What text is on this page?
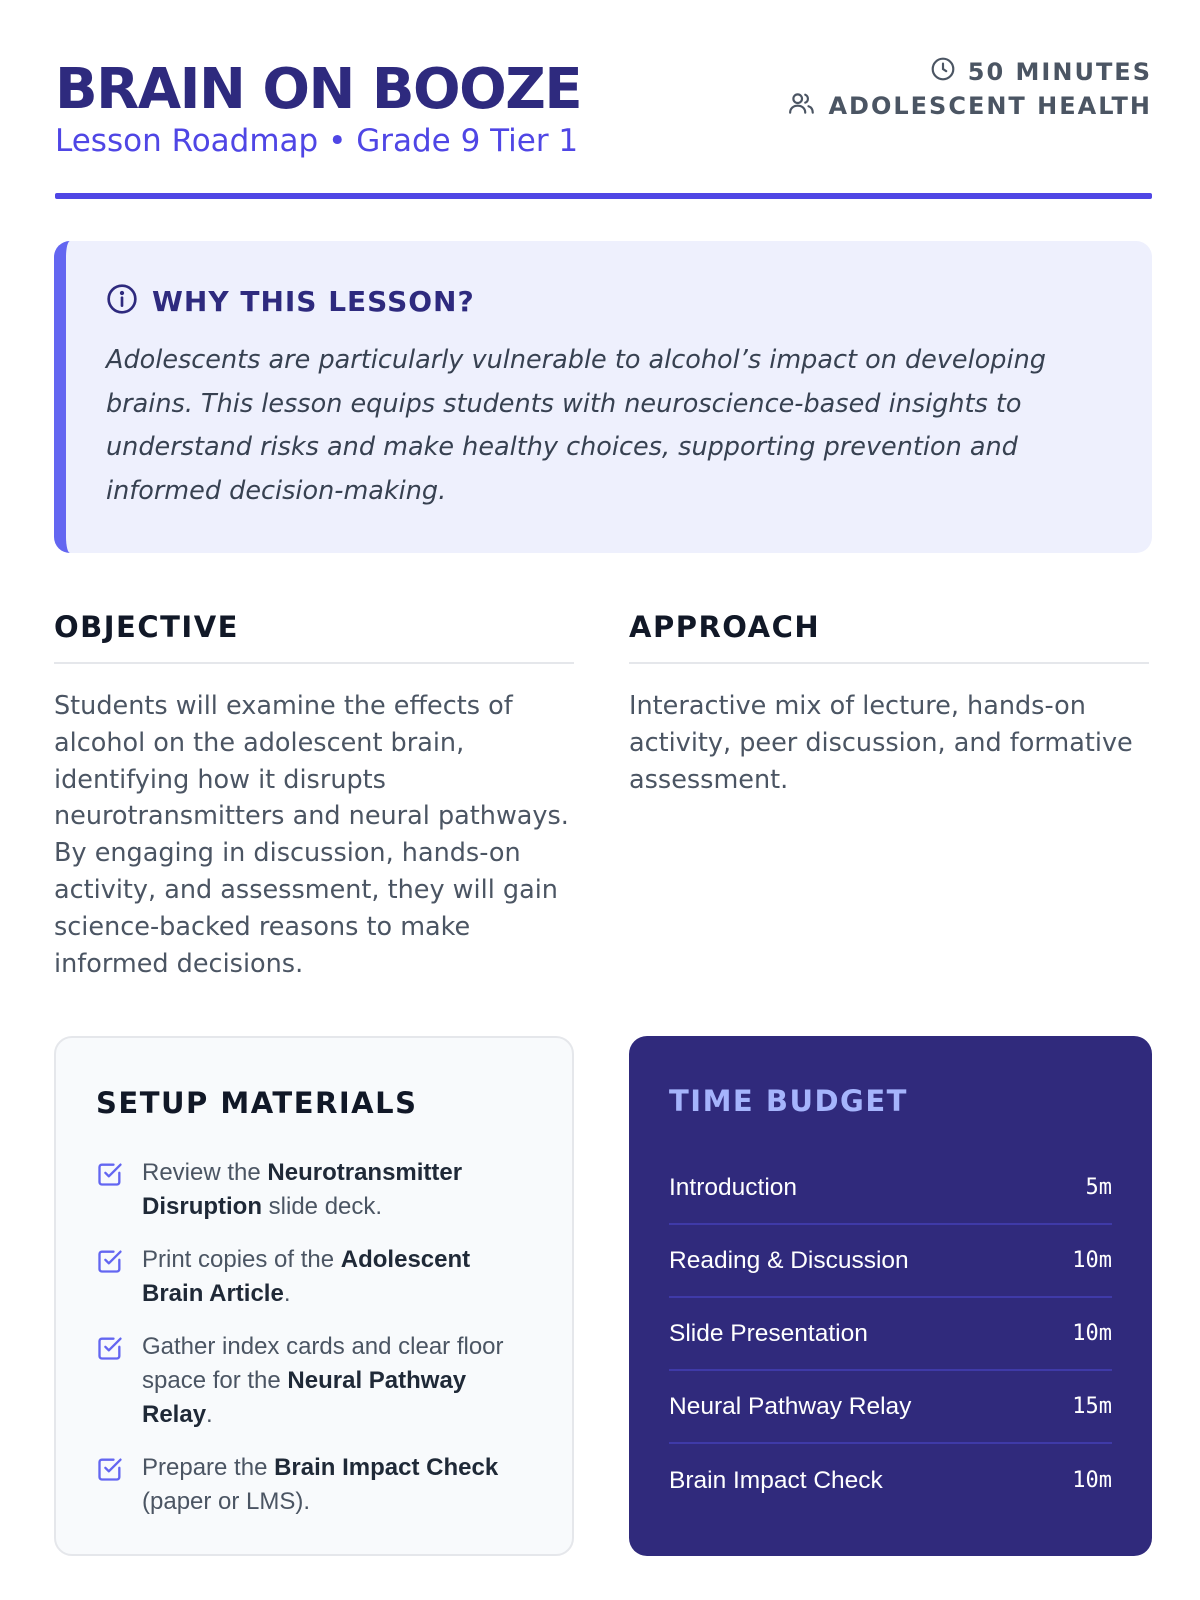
BRAIN ON BOOZE
Lesson Roadmap • Grade 9 Tier 1
50 MINUTES
ADOLESCENT HEALTH
WHY THIS LESSON?

Adolescents are particularly vulnerable to alcohol’s impact on developing brains. This lesson equips students with neuroscience-based insights to understand risks and make healthy choices, supporting prevention and informed decision-making.

OBJECTIVE

Students will examine the effects of alcohol on the adolescent brain, identifying how it disrupts neurotransmitters and neural pathways. By engaging in discussion, hands-on activity, and assessment, they will gain science-backed reasons to make informed decisions.

APPROACH

Interactive mix of lecture, hands-on activity, peer discussion, and formative assessment.

SETUP MATERIALS
Review the Neurotransmitter Disruption slide deck.
Print copies of the Adolescent Brain Article.
Gather index cards and clear floor space for the Neural Pathway Relay.
Prepare the Brain Impact Check (paper or LMS).
TIME BUDGET
Introduction	5m
Reading & Discussion	10m
Slide Presentation	10m
Neural Pathway Relay	15m
Brain Impact Check	10m
